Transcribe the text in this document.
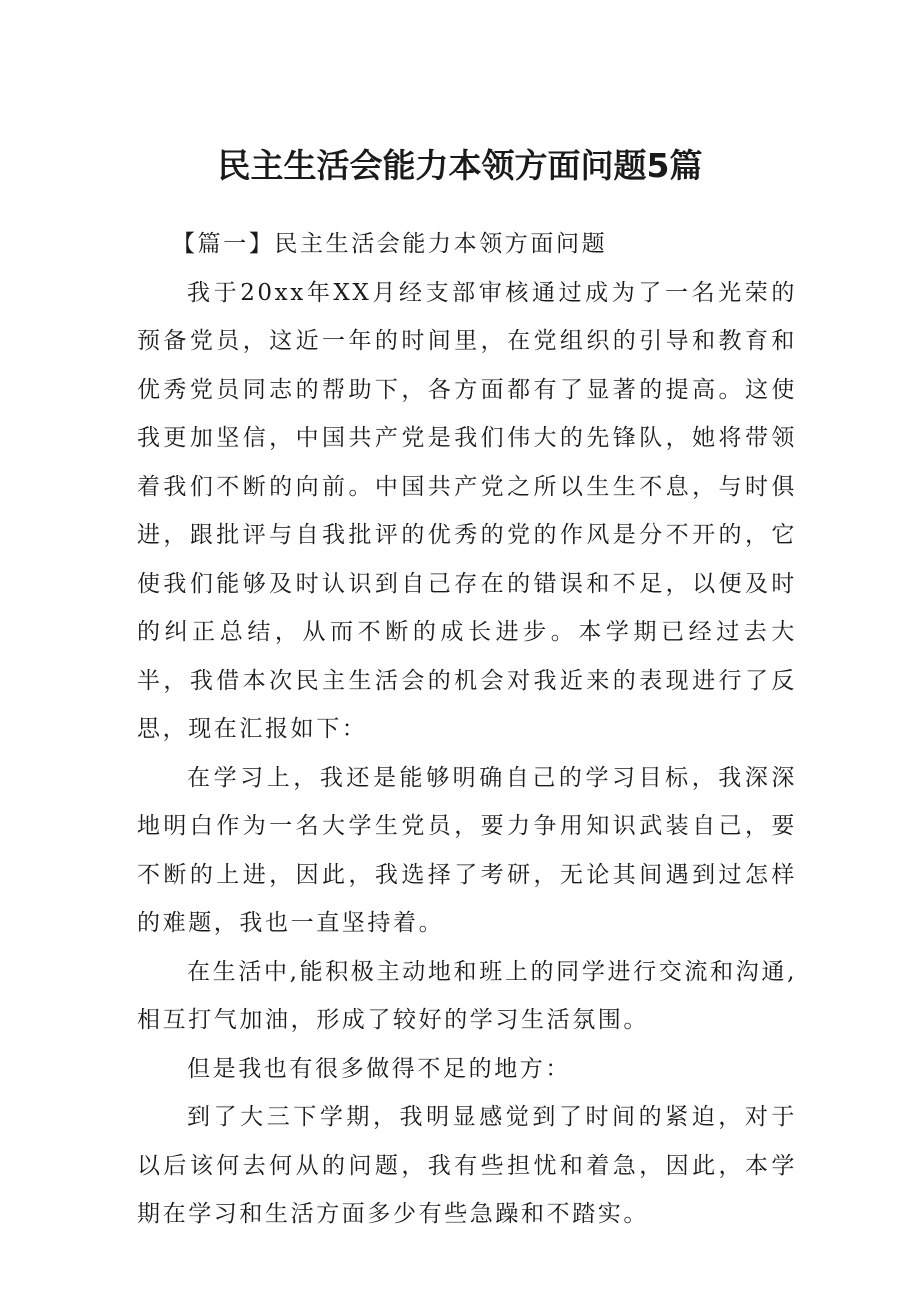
民主生活会能力本领方面问题5篇

【篇一】民主生活会能力本领方面问题

我于20xx年XX月经支部审核通过成为了一名光荣的预备党员，这近一年的时间里，在党组织的引导和教育和优秀党员同志的帮助下，各方面都有了显著的提高。这使我更加坚信，中国共产党是我们伟大的先锋队，她将带领着我们不断的向前。中国共产党之所以生生不息，与时俱进，跟批评与自我批评的优秀的党的作风是分不开的，它使我们能够及时认识到自己存在的错误和不足，以便及时的纠正总结，从而不断的成长进步。本学期已经过去大半，我借本次民主生活会的机会对我近来的表现进行了反思，现在汇报如下：

在学习上，我还是能够明确自己的学习目标，我深深地明白作为一名大学生党员，要力争用知识武装自己，要不断的上进，因此，我选择了考研，无论其间遇到过怎样的难题，我也一直坚持着。

在生活中,能积极主动地和班上的同学进行交流和沟通,相互打气加油，形成了较好的学习生活氛围。

但是我也有很多做得不足的地方：

到了大三下学期，我明显感觉到了时间的紧迫，对于以后该何去何从的问题，我有些担忧和着急，因此，本学期在学习和生活方面多少有些急躁和不踏实。
